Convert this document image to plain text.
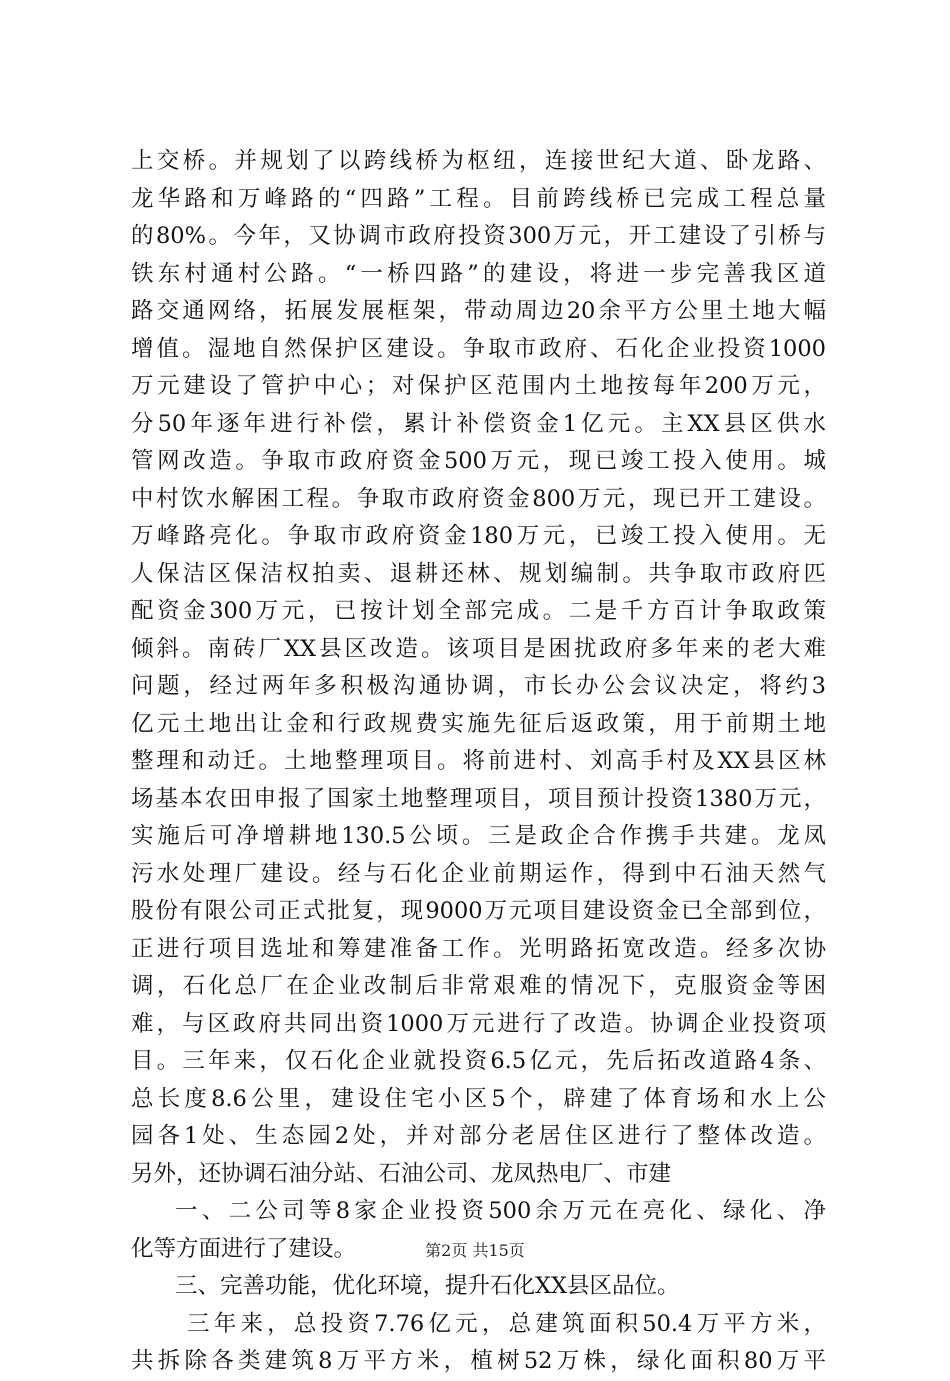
上交桥。并规划了以跨线桥为枢纽，连接世纪大道、卧龙路、
龙华路和万峰路的“四路”工程。目前跨线桥已完成工程总量
的80%。今年，又协调市政府投资300万元，开工建设了引桥与
铁东村通村公路。“一桥四路”的建设，将进一步完善我区道
路交通网络，拓展发展框架，带动周边20余平方公里土地大幅
增值。湿地自然保护区建设。争取市政府、石化企业投资1000
万元建设了管护中心；对保护区范围内土地按每年200万元，
分50年逐年进行补偿，累计补偿资金1亿元。主XX县区供水
管网改造。争取市政府资金500万元，现已竣工投入使用。城
中村饮水解困工程。争取市政府资金800万元，现已开工建设。
万峰路亮化。争取市政府资金180万元，已竣工投入使用。无
人保洁区保洁权拍卖、退耕还林、规划编制。共争取市政府匹
配资金300万元，已按计划全部完成。二是千方百计争取政策
倾斜。南砖厂XX县区改造。该项目是困扰政府多年来的老大难
问题，经过两年多积极沟通协调，市长办公会议决定，将约3
亿元土地出让金和行政规费实施先征后返政策，用于前期土地
整理和动迁。土地整理项目。将前进村、刘高手村及XX县区林
场基本农田申报了国家土地整理项目，项目预计投资1380万元，
实施后可净增耕地130.5公顷。三是政企合作携手共建。龙凤
污水处理厂建设。经与石化企业前期运作，得到中石油天然气
股份有限公司正式批复，现9000万元项目建设资金已全部到位，
正进行项目选址和筹建准备工作。光明路拓宽改造。经多次协
调，石化总厂在企业改制后非常艰难的情况下，克服资金等困
难，与区政府共同出资1000万元进行了改造。协调企业投资项
目。三年来，仅石化企业就投资6.5亿元，先后拓改道路4条、
总长度8.6公里，建设住宅小区5个，辟建了体育场和水上公
园各1处、生态园2处，并对部分老居住区进行了整体改造。
另外，还协调石油分站、石油公司、龙凤热电厂、市建
一、二公司等8家企业投资500余万元在亮化、绿化、净
化等方面进行了建设。
三、完善功能，优化环境，提升石化XX县区品位。
三年来，总投资7.76亿元，总建筑面积50.4万平方米，
共拆除各类建筑8万平方米，植树52万株，绿化面积80万平
第2页 共15页
